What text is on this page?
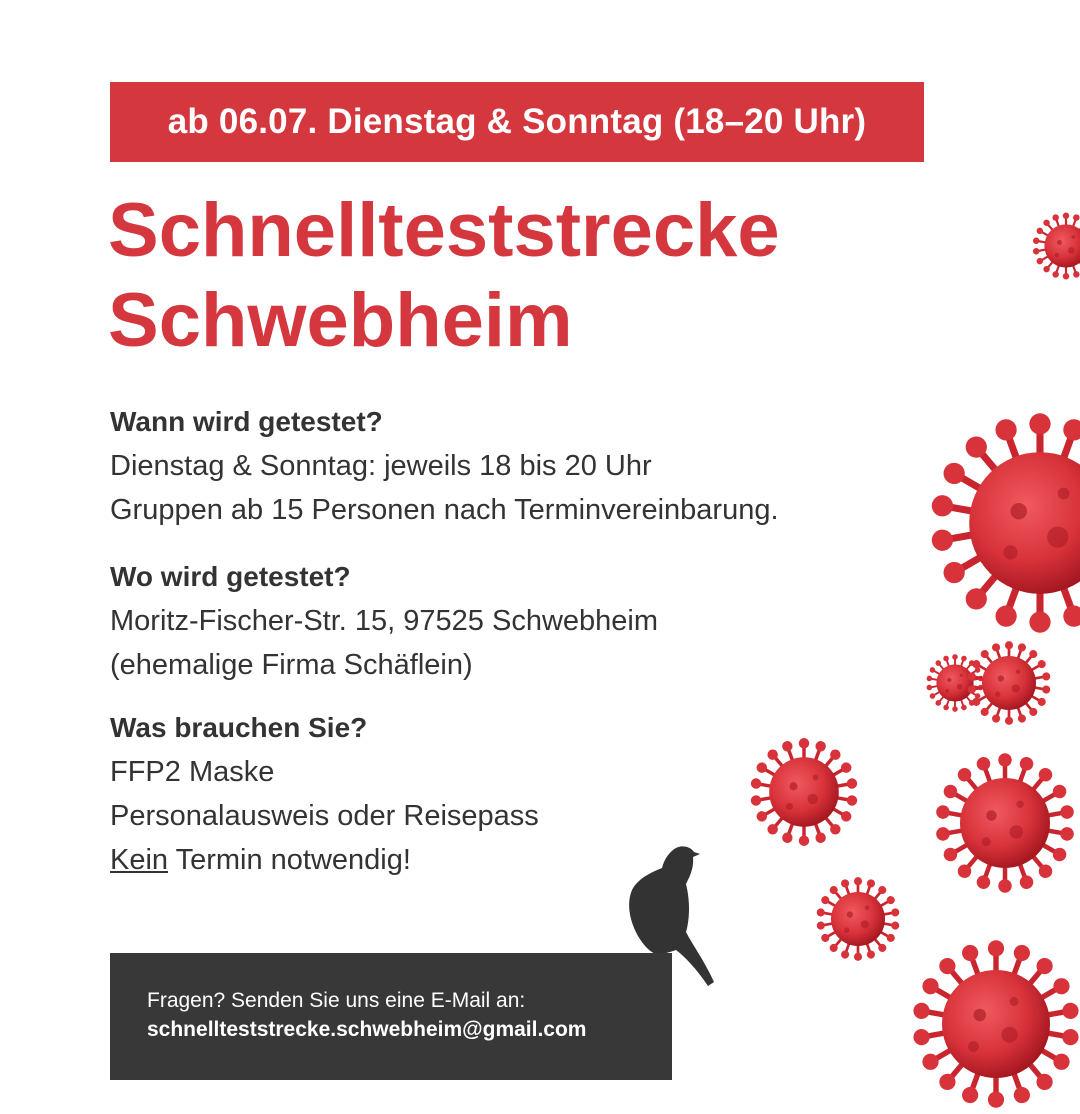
ab 06.07. Dienstag & Sonntag (18–20 Uhr)
Schnellteststrecke
Schwebheim
Wann wird getestet?

Dienstag & Sonntag: jeweils 18 bis 20 Uhr

Gruppen ab 15 Personen nach Terminvereinbarung.

Wo wird getestet?

Moritz-Fischer-Str. 15, 97525 Schwebheim

(ehemalige Firma Schäflein)

Was brauchen Sie?

FFP2 Maske

Personalausweis oder Reisepass

Kein Termin notwendig!

Fragen? Senden Sie uns eine E-Mail an:
schnellteststrecke.schwebheim@gmail.com
